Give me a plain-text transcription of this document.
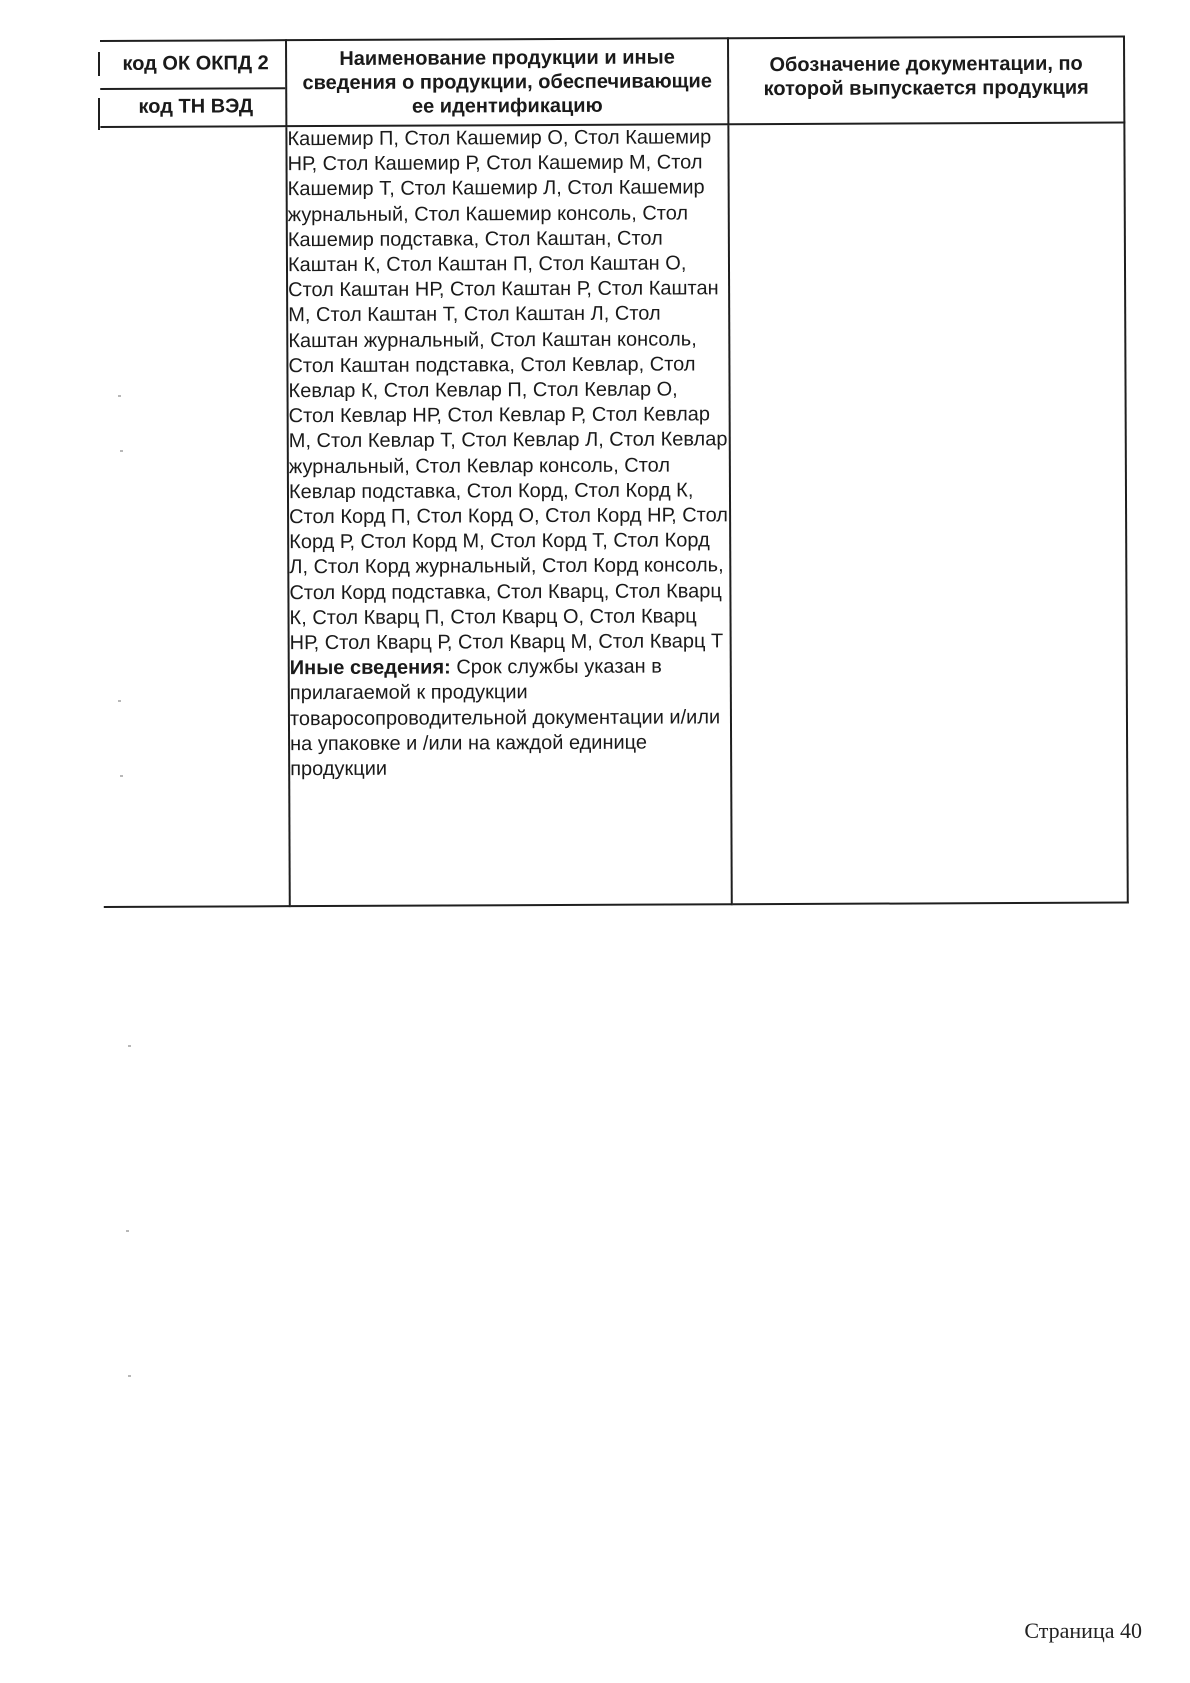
код ОК ОКПД 2
код ТН ВЭД	Наименование продукции и иные сведения о продукции, обеспечивающие ее идентификацию	Обозначение документации, по которой выпускается продукция

	Кашемир П, Стол Кашемир О, Стол Кашемир НР, Стол Кашемир Р, Стол Кашемир М, Стол Кашемир Т, Стол Кашемир Л, Стол Кашемир журнальный, Стол Кашемир консоль, Стол Кашемир подставка, Стол Каштан, Стол Каштан К, Стол Каштан П, Стол Каштан О, Стол Каштан НР, Стол Каштан Р, Стол Каштан М, Стол Каштан Т, Стол Каштан Л, Стол Каштан журнальный, Стол Каштан консоль, Стол Каштан подставка, Стол Кевлар, Стол Кевлар К, Стол Кевлар П, Стол Кевлар О, Стол Кевлар НР, Стол Кевлар Р, Стол Кевлар М, Стол Кевлар Т, Стол Кевлар Л, Стол Кевлар журнальный, Стол Кевлар консоль, Стол Кевлар подставка, Стол Корд, Стол Корд К, Стол Корд П, Стол Корд О, Стол Корд НР, Стол Корд Р, Стол Корд М, Стол Корд Т, Стол Корд Л, Стол Корд журнальный, Стол Корд консоль, Стол Корд подставка, Стол Кварц, Стол Кварц К, Стол Кварц П, Стол Кварц О, Стол Кварц НР, Стол Кварц Р, Стол Кварц М, Стол Кварц Т
Иные сведения: Срок службы указан в прилагаемой к продукции товаросопроводительной документации и/или на упаковке и /или на каждой единице продукции	
Страница 40
